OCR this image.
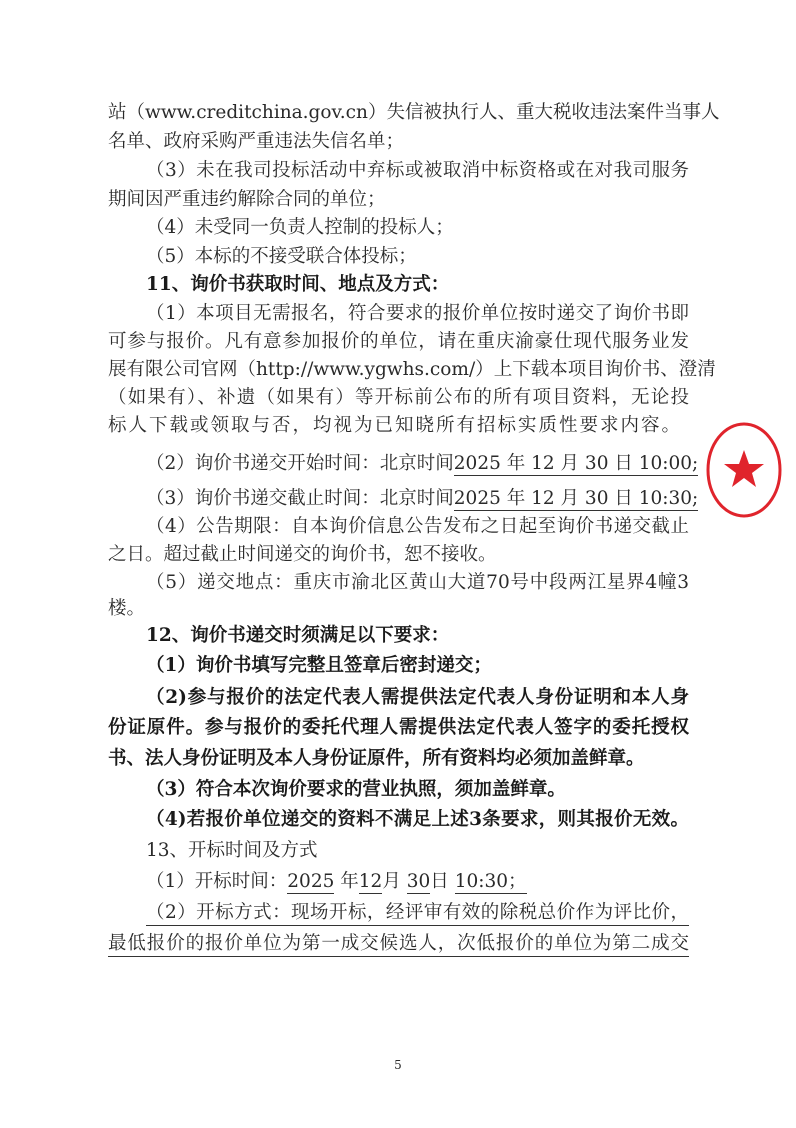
站（www.creditchina.gov.cn）失信被执行人、重大税收违法案件当事人
名单、政府采购严重违法失信名单；
（3）未在我司投标活动中弃标或被取消中标资格或在对我司服务
期间因严重违约解除合同的单位；
（4）未受同一负责人控制的投标人；
（5）本标的不接受联合体投标；
11、询价书获取时间、地点及方式：
（1）本项目无需报名，符合要求的报价单位按时递交了询价书即
可参与报价。凡有意参加报价的单位，请在重庆渝豪仕现代服务业发
展有限公司官网（http://www.ygwhs.com/）上下载本项目询价书、澄清
（如果有）、补遗（如果有）等开标前公布的所有项目资料，无论投
标人下载或领取与否，均视为已知晓所有招标实质性要求内容。
（2）询价书递交开始时间：北京时间2025 年 12 月 30 日 10:00;
（3）询价书递交截止时间：北京时间2025 年 12 月 30 日 10:30;
（4）公告期限：自本询价信息公告发布之日起至询价书递交截止
之日。超过截止时间递交的询价书，恕不接收。
（5）递交地点：重庆市渝北区黄山大道70号中段两江星界4幢3
楼。
12、询价书递交时须满足以下要求：
（1）询价书填写完整且签章后密封递交；
（2)参与报价的法定代表人需提供法定代表人身份证明和本人身
份证原件。参与报价的委托代理人需提供法定代表人签字的委托授权
书、法人身份证明及本人身份证原件，所有资料均必须加盖鲜章。
（3）符合本次询价要求的营业执照，须加盖鲜章。
（4)若报价单位递交的资料不满足上述3条要求，则其报价无效。
13、开标时间及方式
（1）开标时间：2025 年12月 30日 10:30；
（2）开标方式：现场开标，经评审有效的除税总价作为评比价，
最低报价的报价单位为第一成交候选人，次低报价的单位为第二成交
5
